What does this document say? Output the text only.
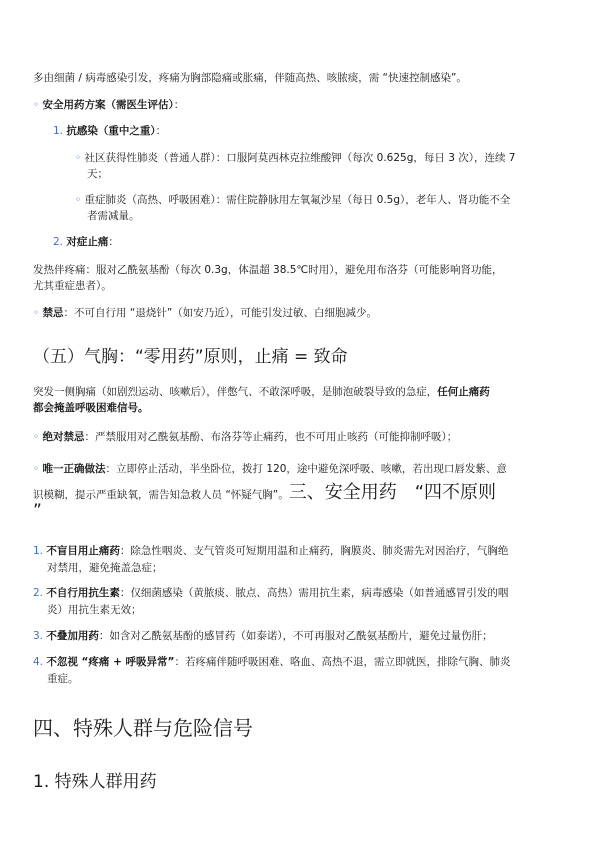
多由细菌 / 病毒感染引发，疼痛为胸部隐痛或胀痛，伴随高热、咳脓痰，需 “快速控制感染”。
◦ 安全用药方案（需医生评估）：
1. 抗感染（重中之重）：
◦ 社区获得性肺炎（普通人群）：口服阿莫西林克拉维酸钾（每次 0.625g，每日 3 次），连续 7
天；
◦ 重症肺炎（高热、呼吸困难）：需住院静脉用左氧氟沙星（每日 0.5g），老年人、肾功能不全
者需减量。
2. 对症止痛：
发热伴疼痛：服对乙酰氨基酚（每次 0.3g，体温超 38.5℃时用），避免用布洛芬（可能影响肾功能，
尤其重症患者）。
◦ 禁忌：不可自行用 “退烧针”（如安乃近），可能引发过敏、白细胞减少。
（五）气胸：“零用药”原则，止痛 = 致命
突发一侧胸痛（如剧烈运动、咳嗽后），伴憋气、不敢深呼吸，是肺泡破裂导致的急症，任何止痛药
都会掩盖呼吸困难信号。
◦ 绝对禁忌：严禁服用对乙酰氨基酚、布洛芬等止痛药，也不可用止咳药（可能抑制呼吸）；
◦ 唯一正确做法：立即停止活动，半坐卧位，拨打 120，途中避免深呼吸、咳嗽，若出现口唇发紫、意
识模糊，提示严重缺氧，需告知急救人员 “怀疑气胸”。三、安全用药　“四不原则
”
1. 不盲目用止痛药：除急性咽炎、支气管炎可短期用温和止痛药，胸膜炎、肺炎需先对因治疗，气胸绝
对禁用，避免掩盖急症；
2. 不自行用抗生素：仅细菌感染（黄脓痰、脓点、高热）需用抗生素，病毒感染（如普通感冒引发的咽
炎）用抗生素无效；
3. 不叠加用药：如含对乙酰氨基酚的感冒药（如泰诺），不可再服对乙酰氨基酚片，避免过量伤肝；
4. 不忽视 “疼痛 + 呼吸异常”：若疼痛伴随呼吸困难、咯血、高热不退，需立即就医，排除气胸、肺炎
重症。
四、特殊人群与危险信号
1. 特殊人群用药
